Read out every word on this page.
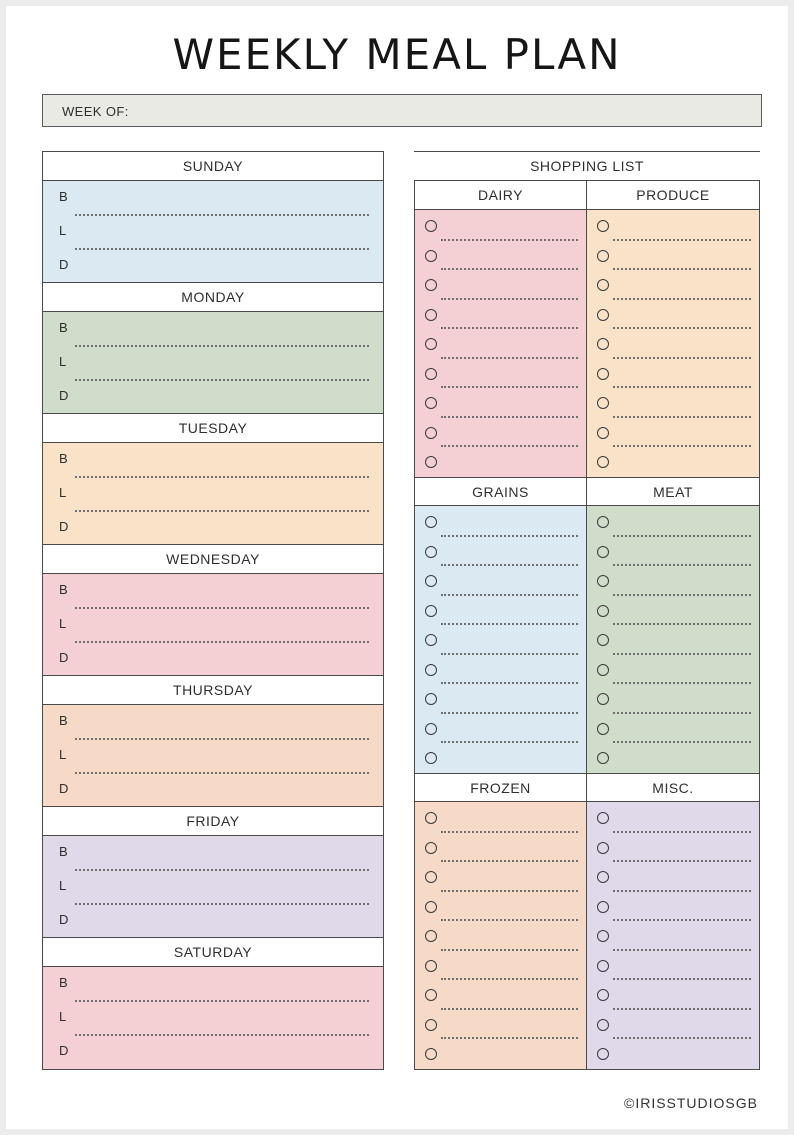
WEEKLY MEAL PLAN
WEEK OF:
SUNDAY
B
L
D
MONDAY
B
L
D
TUESDAY
B
L
D
WEDNESDAY
B
L
D
THURSDAY
B
L
D
FRIDAY
B
L
D
SATURDAY
B
L
D
SHOPPING LIST
DAIRY	PRODUCE
GRAINS	MEAT
FROZEN	MISC.
©IRISSTUDIOSGB
